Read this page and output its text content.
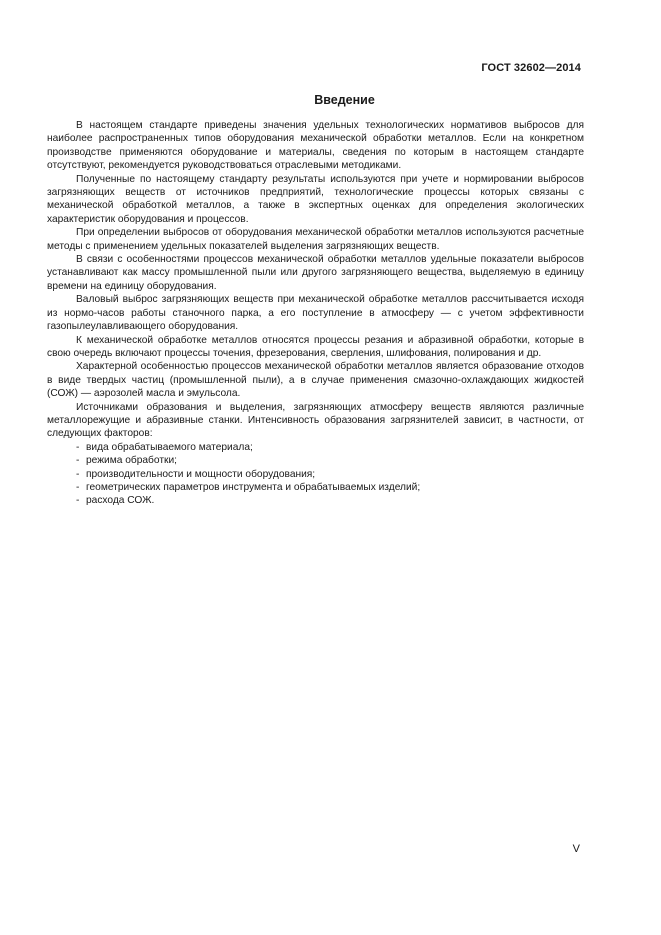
ГОСТ 32602—2014
Введение

В настоящем стандарте приведены значения удельных технологических нормативов выбросов для наиболее распространенных типов оборудования механической обработки металлов. Если на конкретном производстве применяются оборудование и материалы, сведения по которым в настоящем стандарте отсутствуют, рекомендуется руководствоваться отраслевыми методиками.

Полученные по настоящему стандарту результаты используются при учете и нормировании выбросов загрязняющих веществ от источников предприятий, технологические процессы которых связаны с механической обработкой металлов, а также в экспертных оценках для определения экологических характеристик оборудования и процессов.

При определении выбросов от оборудования механической обработки металлов используются расчетные методы с применением удельных показателей выделения загрязняющих веществ.

В связи с особенностями процессов механической обработки металлов удельные показатели выбросов устанавливают как массу промышленной пыли или другого загрязняющего вещества, выделяемую в единицу времени на единицу оборудования.

Валовый выброс загрязняющих веществ при механической обработке металлов рассчитывается исходя из нормо-часов работы станочного парка, а его поступление в атмосферу — с учетом эффективности газопылеулавливающего оборудования.

К механической обработке металлов относятся процессы резания и абразивной обработки, которые в свою очередь включают процессы точения, фрезерования, сверления, шлифования, полирования и др.

Характерной особенностью процессов механической обработки металлов является образование отходов в виде твердых частиц (промышленной пыли), а в случае применения смазочно-охлаждающих жидкостей (СОЖ) — аэрозолей масла и эмульсола.

Источниками образования и выделения, загрязняющих атмосферу веществ являются различные металлорежущие и абразивные станки. Интенсивность образования загрязнителей зависит, в частности, от следующих факторов:

- вида обрабатываемого материала;
- режима обработки;
- производительности и мощности оборудования;
- геометрических параметров инструмента и обрабатываемых изделий;
- расхода СОЖ.
V
